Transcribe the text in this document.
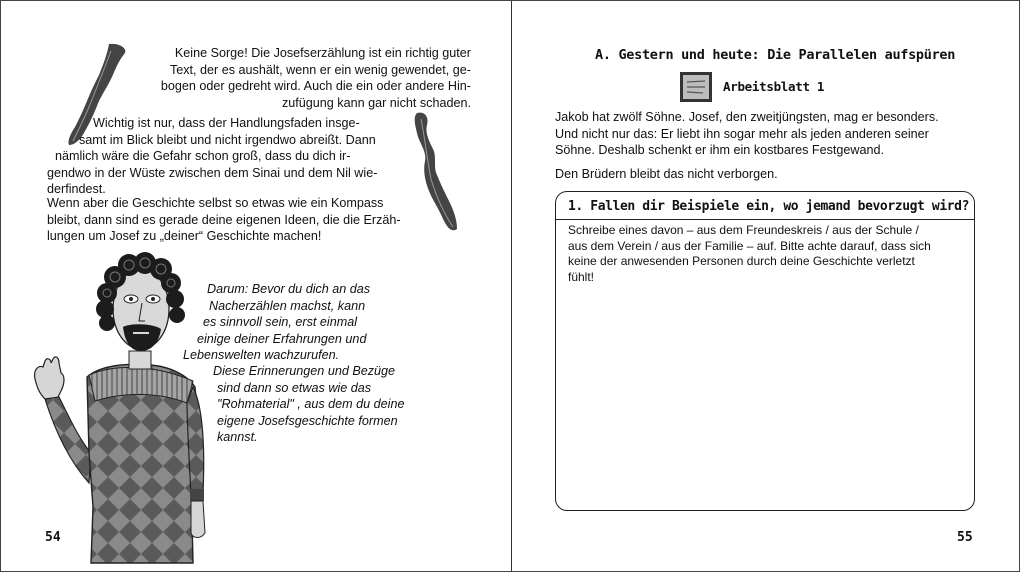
Keine Sorge! Die Josefserzählung ist ein richtig guter
Text, der es aushält, wenn er ein wenig gewendet, ge-
bogen oder gedreht wird. Auch die ein oder andere Hin-
zufügung kann gar nicht schaden.

Wichtig ist nur, dass der Handlungsfaden insge-
samt im Blick bleibt und nicht irgendwo abreißt. Dann
nämlich wäre die Gefahr schon groß, dass du dich ir-
gendwo in der Wüste zwischen dem Sinai und dem Nil wie-
derfindest.

Wenn aber die Geschichte selbst so etwas wie ein Kompass
bleibt, dann sind es gerade deine eigenen Ideen, die die Erzäh-
lungen um Josef zu „deiner“ Geschichte machen!

Darum: Bevor du dich an das
Nacherzählen machst, kann
es sinnvoll sein, erst einmal
einige deiner Erfahrungen und
Lebenswelten wachzurufen.

Diese Erinnerungen und Bezüge
sind dann so etwas wie das
"Rohmaterial" , aus dem du deine
eigene Josefsgeschichte formen
kannst.

54
A. Gestern und heute: Die Parallelen aufspüren
Arbeitsblatt 1

Jakob hat zwölf Söhne. Josef, den zweitjüngsten, mag er besonders.
Und nicht nur das: Er liebt ihn sogar mehr als jeden anderen seiner
Söhne. Deshalb schenkt er ihm ein kostbares Festgewand.

Den Brüdern bleibt das nicht verborgen.

1. Fallen dir Beispiele ein, wo jemand bevorzugt wird?
Schreibe eines davon – aus dem Freundeskreis / aus der Schule /
aus dem Verein / aus der Familie – auf. Bitte achte darauf, dass sich
keine der anwesenden Personen durch deine Geschichte verletzt
fühlt!
55
